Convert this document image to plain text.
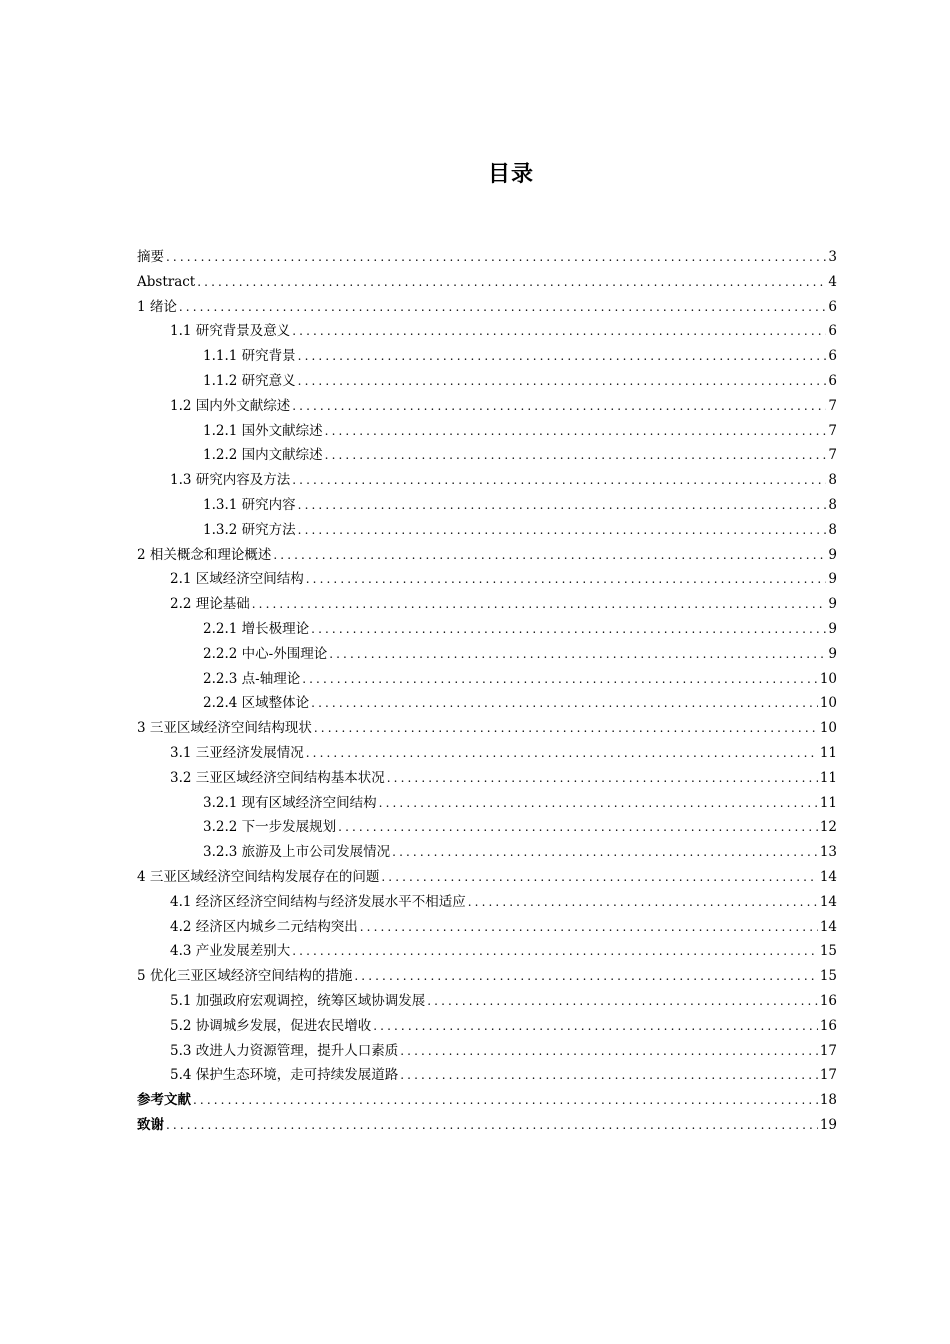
目录
摘要 .....	3
Abstract .....	4
1 绪论 .....	6
1.1 研究背景及意义 .....	6
1.1.1 研究背景 .....	6
1.1.2 研究意义 .....	6
1.2 国内外文献综述 .....	7
1.2.1 国外文献综述 .....	7
1.2.2 国内文献综述 .....	7
1.3 研究内容及方法 .....	8
1.3.1 研究内容 .....	8
1.3.2 研究方法 .....	8
2 相关概念和理论概述 .....	9
2.1 区域经济空间结构 .....	9
2.2 理论基础 .....	9
2.2.1 增长极理论 .....	9
2.2.2 中心-外围理论 .....	9
2.2.3 点-轴理论 .....	10
2.2.4 区域整体论 .....	10
3 三亚区域经济空间结构现状 .....	10
3.1 三亚经济发展情况 .....	11
3.2 三亚区域经济空间结构基本状况 .....	11
3.2.1 现有区域经济空间结构 .....	11
3.2.2 下一步发展规划 .....	12
3.2.3 旅游及上市公司发展情况 .....	13
4 三亚区域经济空间结构发展存在的问题 .....	14
4.1 经济区经济空间结构与经济发展水平不相适应 .....	14
4.2 经济区内城乡二元结构突出 .....	14
4.3 产业发展差别大 .....	15
5 优化三亚区域经济空间结构的措施 .....	15
5.1 加强政府宏观调控，统筹区域协调发展 .....	16
5.2 协调城乡发展，促进农民增收 .....	16
5.3 改进人力资源管理，提升人口素质 .....	17
5.4 保护生态环境，走可持续发展道路 .....	17
参考文献 .....	18
致谢 .....	19
